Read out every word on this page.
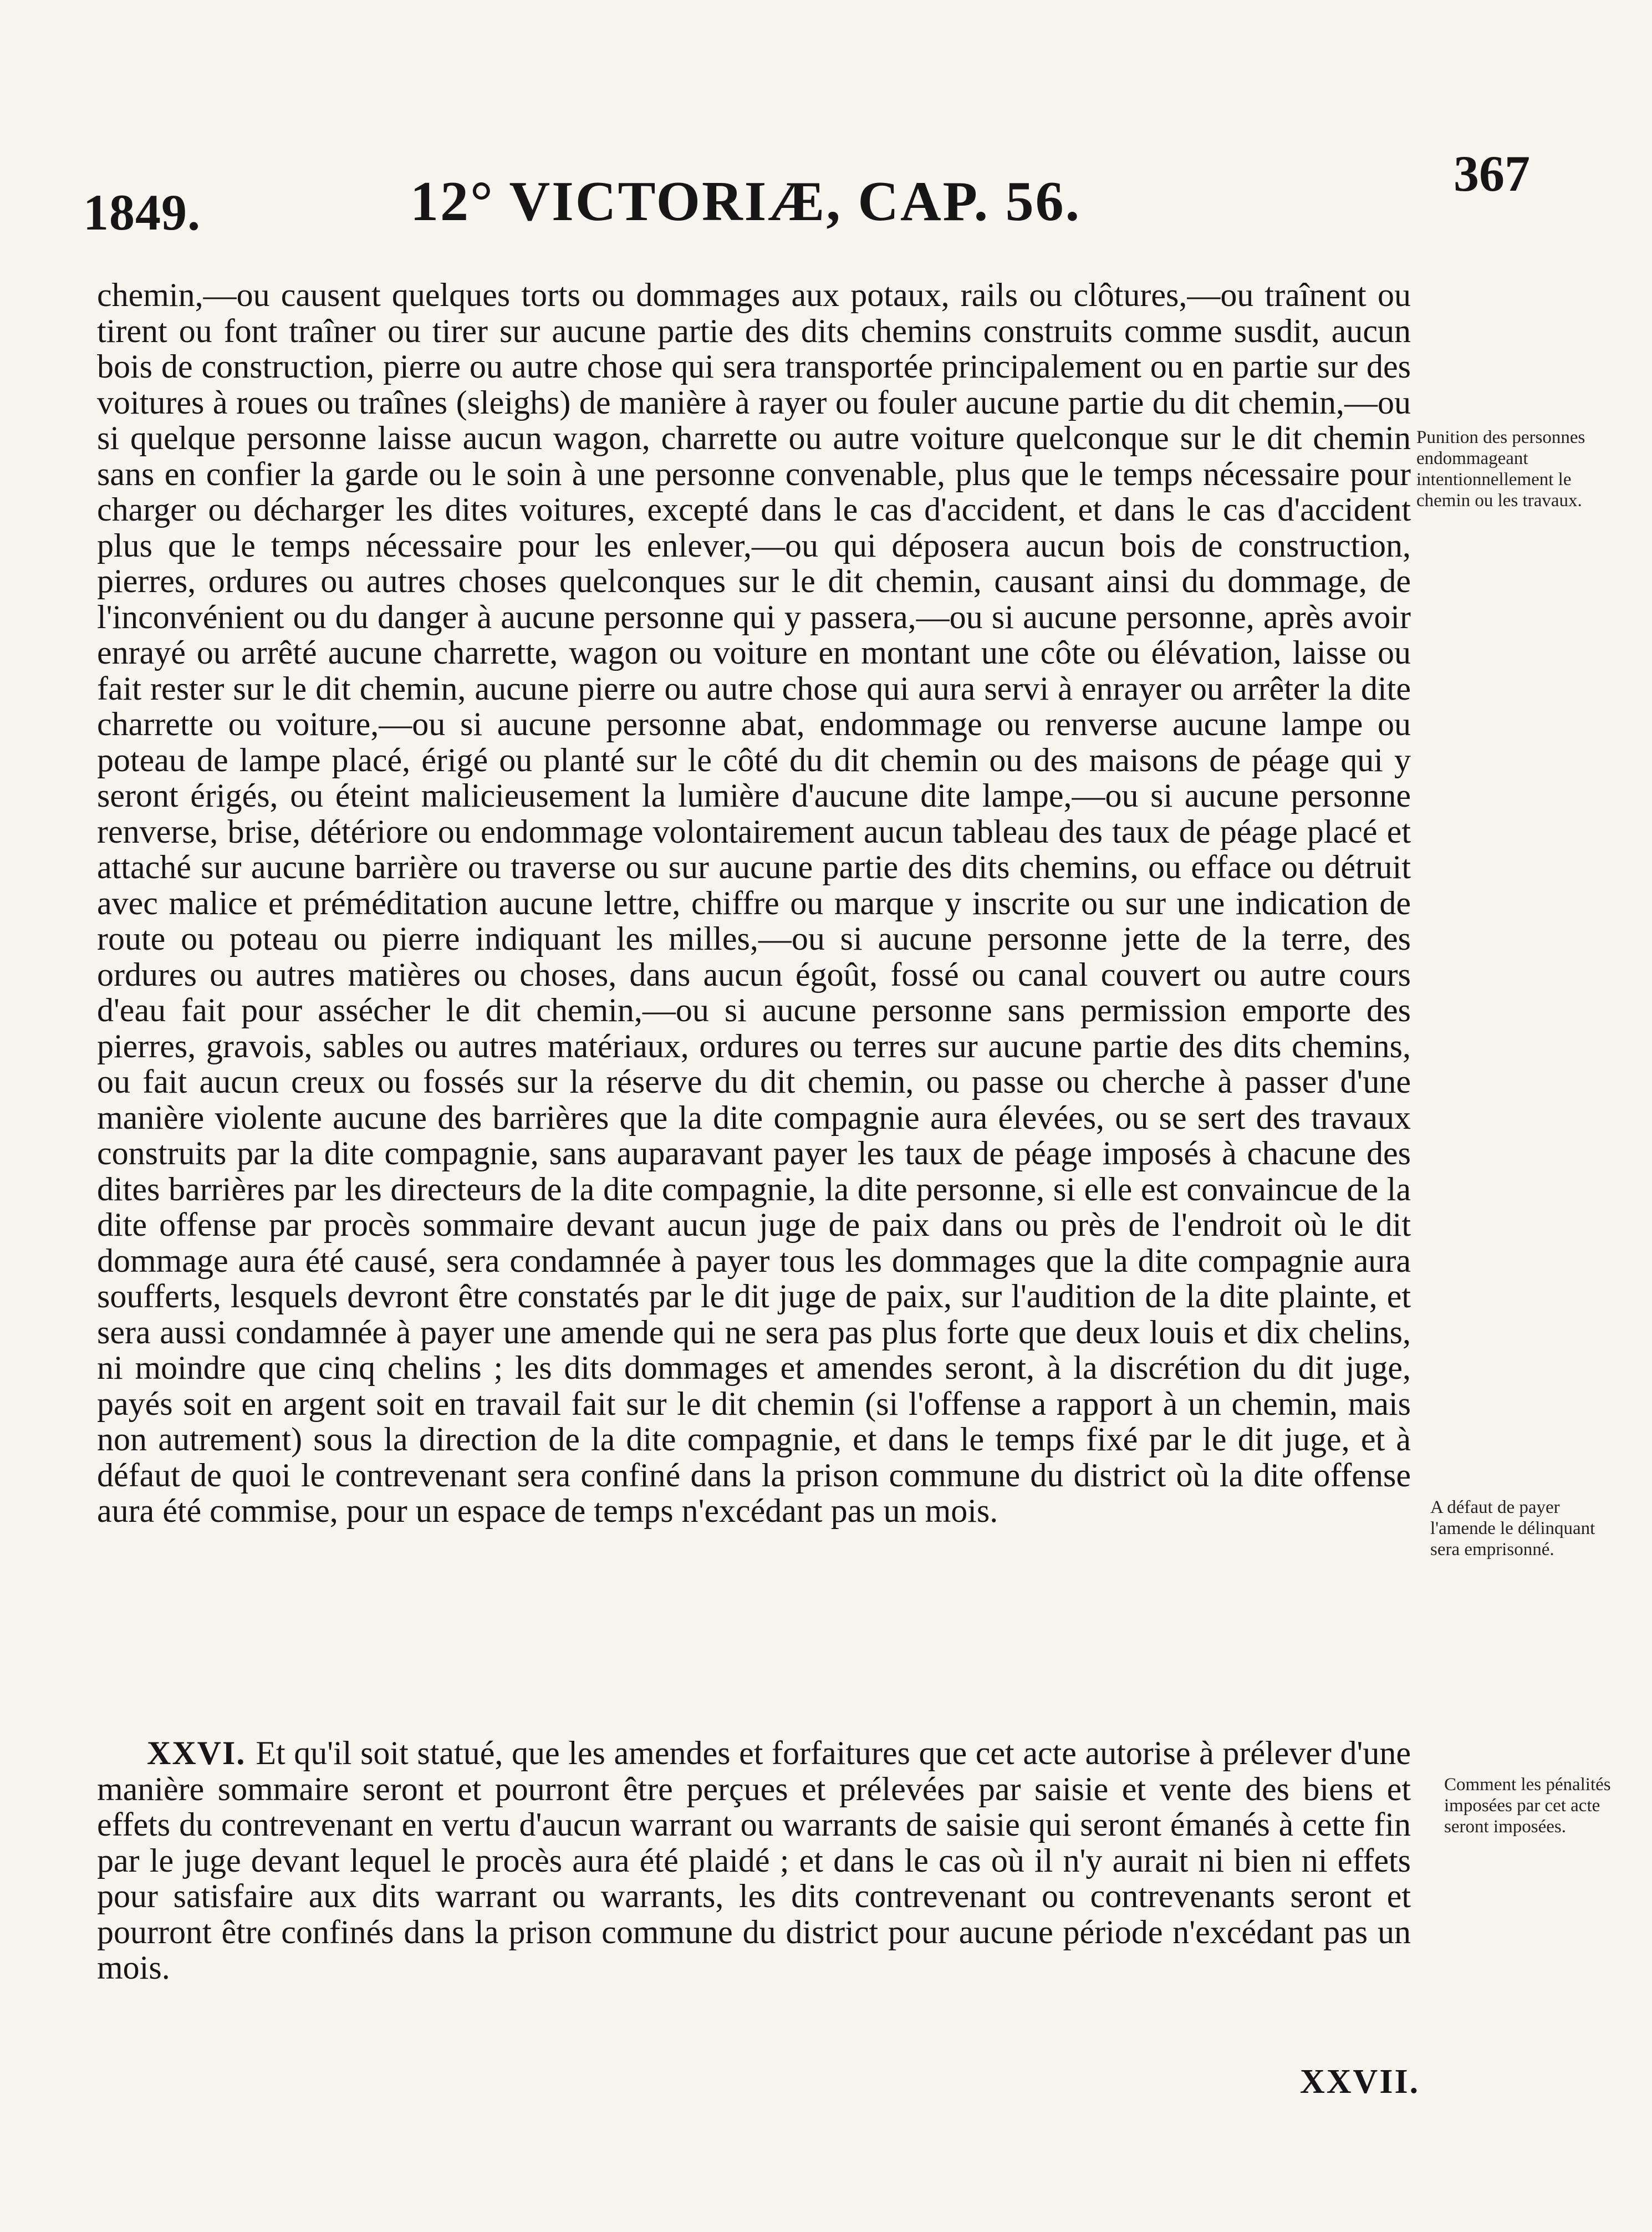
1849.	12° VICTORIÆ, CAP. 56.	367
chemin,—ou causent quelques torts ou dommages aux potaux, rails ou clôtures,—ou traînent ou tirent ou font traîner ou tirer sur aucune partie des dits chemins construits comme susdit, aucun bois de construction, pierre ou autre chose qui sera transportée principalement ou en partie sur des voitures à roues ou traînes (sleighs) de manière à rayer ou fouler aucune partie du dit chemin,—ou si quelque personne laisse aucun wagon, charrette ou autre voiture quelconque sur le dit chemin sans en confier la garde ou le soin à une personne convenable, plus que le temps nécessaire pour charger ou décharger les dites voitures, excepté dans le cas d'accident, et dans le cas d'accident plus que le temps nécessaire pour les enlever,—ou qui déposera aucun bois de construction, pierres, ordures ou autres choses quelconques sur le dit chemin, causant ainsi du dommage, de l'inconvénient ou du danger à aucune personne qui y passera,—ou si aucune personne, après avoir enrayé ou arrêté aucune charrette, wagon ou voiture en montant une côte ou élévation, laisse ou fait rester sur le dit chemin, aucune pierre ou autre chose qui aura servi à enrayer ou arrêter la dite charrette ou voiture,—ou si aucune personne abat, endommage ou renverse aucune lampe ou poteau de lampe placé, érigé ou planté sur le côté du dit chemin ou des maisons de péage qui y seront érigés, ou éteint malicieusement la lumière d'aucune dite lampe,—ou si aucune personne renverse, brise, détériore ou endommage volontairement aucun tableau des taux de péage placé et attaché sur aucune barrière ou traverse ou sur aucune partie des dits chemins, ou efface ou détruit avec malice et préméditation aucune lettre, chiffre ou marque y inscrite ou sur une indication de route ou poteau ou pierre indiquant les milles,—ou si aucune personne jette de la terre, des ordures ou autres matières ou choses, dans aucun égoût, fossé ou canal couvert ou autre cours d'eau fait pour assécher le dit chemin,—ou si aucune personne sans permission emporte des pierres, gravois, sables ou autres matériaux, ordures ou terres sur aucune partie des dits chemins, ou fait aucun creux ou fossés sur la réserve du dit chemin, ou passe ou cherche à passer d'une manière violente aucune des barrières que la dite compagnie aura élevées, ou se sert des travaux construits par la dite compagnie, sans auparavant payer les taux de péage imposés à chacune des dites barrières par les directeurs de la dite compagnie, la dite personne, si elle est convaincue de la dite offense par procès sommaire devant aucun juge de paix dans ou près de l'endroit où le dit dommage aura été causé, sera condamnée à payer tous les dommages que la dite compagnie aura soufferts, lesquels devront être constatés par le dit juge de paix, sur l'audition de la dite plainte, et sera aussi condamnée à payer une amende qui ne sera pas plus forte que deux louis et dix chelins, ni moindre que cinq chelins ; les dits dommages et amendes seront, à la discrétion du dit juge, payés soit en argent soit en travail fait sur le dit chemin (si l'offense a rapport à un chemin, mais non autrement) sous la direction de la dite compagnie, et dans le temps fixé par le dit juge, et à défaut de quoi le contrevenant sera confiné dans la prison commune du district où la dite offense aura été commise, pour un espace de temps n'excédant pas un mois.
Punition des personnes endommageant intentionnellement le chemin ou les travaux.
A défaut de payer l'amende le délinquant sera emprisonné.
XXVI. Et qu'il soit statué, que les amendes et forfaitures que cet acte autorise à prélever d'une manière sommaire seront et pourront être perçues et prélevées par saisie et vente des biens et effets du contrevenant en vertu d'aucun warrant ou warrants de saisie qui seront émanés à cette fin par le juge devant lequel le procès aura été plaidé ; et dans le cas où il n'y aurait ni bien ni effets pour satisfaire aux dits warrant ou warrants, les dits contrevenant ou contrevenants seront et pourront être confinés dans la prison commune du district pour aucune période n'excédant pas un mois.
Comment les pénalités imposées par cet acte seront imposées.
XXVII.
